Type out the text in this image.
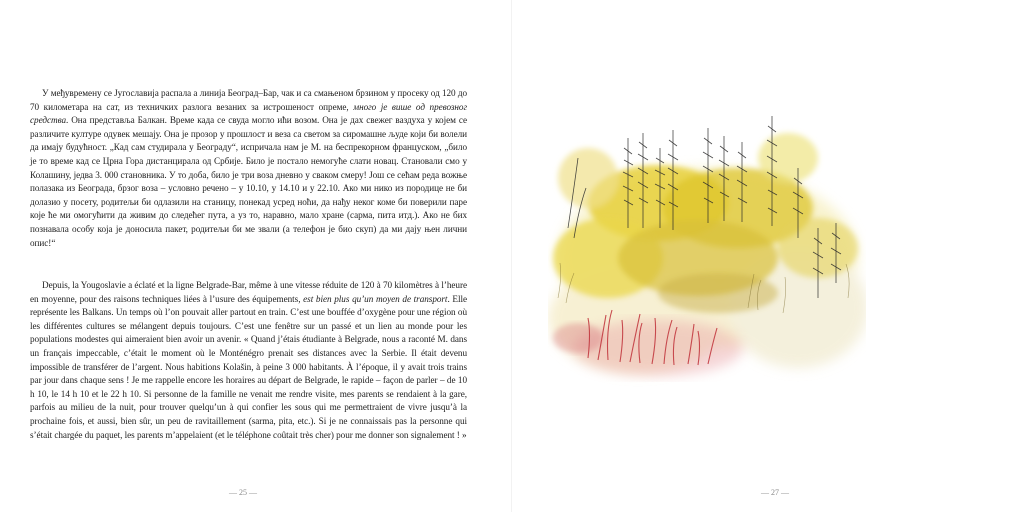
У међувремену се Југославија распала а линија Београд–Бар, чак и са смањеном брзином у просеку од 120 до 70 километара на сат, из техничких разлога везаних за истрошеност опреме, много је више од превозног средства. Она представља Балкан. Време када се свуда могло ићи возом. Она је дах свежег ваздуха у којем се различите културе одувек мешају. Она је прозор у прошлост и веза са светом за сиромашне људе који би волели да имају будућност. „Кад сам студирала у Београду“, испричала нам је М. на беспрекорном француском, „било је то време кад се Црна Гора дистанцирала од Србије. Било је постало немогуће слати новац. Становали смо у Колашину, једва 3. 000 становника. У то доба, било је три воза дневно у сваком смеру! Још се сећам реда вожње полазака из Београда, брзог воза – условно речено – у 10.10, у 14.10 и у 22.10. Ако ми нико из породице не би долазио у посету, родитељи би одлазили на станицу, понекад усред ноћи, да нађу неког коме би поверили паре које ће ми омогућити да живим до следећег пута, а уз то, наравно, мало хране (сарма, пита итд.). Ако не бих познавала особу која је доносила пакет, родитељи би ме звали (а телефон је био скуп) да ми дају њен лични опис!“

Depuis, la Yougoslavie a éclaté et la ligne Belgrade-Bar, même à une vitesse réduite de 120 à 70 kilomètres à l’heure en moyenne, pour des raisons techniques liées à l’usure des équipements, est bien plus qu’un moyen de transport. Elle représente les Balkans. Un temps où l’on pouvait aller partout en train. C’est une bouffée d’oxygène pour une région où les différentes cultures se mélangent depuis toujours. C’est une fenêtre sur un passé et un lien au monde pour les populations modestes qui aimeraient bien avoir un avenir. « Quand j’étais étudiante à Belgrade, nous a raconté M. dans un français impeccable, c’était le moment où le Monténégro prenait ses distances avec la Serbie. Il était devenu impossible de transférer de l’argent. Nous habitions Kolašin, à peine 3 000 habitants. À l’époque, il y avait trois trains par jour dans chaque sens ! Je me rappelle encore les horaires au départ de Belgrade, le rapide – façon de parler – de 10 h 10, le 14 h 10 et le 22 h 10. Si personne de la famille ne venait me rendre visite, mes parents se rendaient à la gare, parfois au milieu de la nuit, pour trouver quelqu’un à qui confier les sous qui me permettraient de vivre jusqu’à la prochaine fois, et aussi, bien sûr, un peu de ravitaillement (sarma, pita, etc.). Si je ne connaissais pas la personne qui s’était chargée du paquet, les parents m’appelaient (et le téléphone coûtait très cher) pour me donner son signalement ! »

— 25 —	— 27 —
